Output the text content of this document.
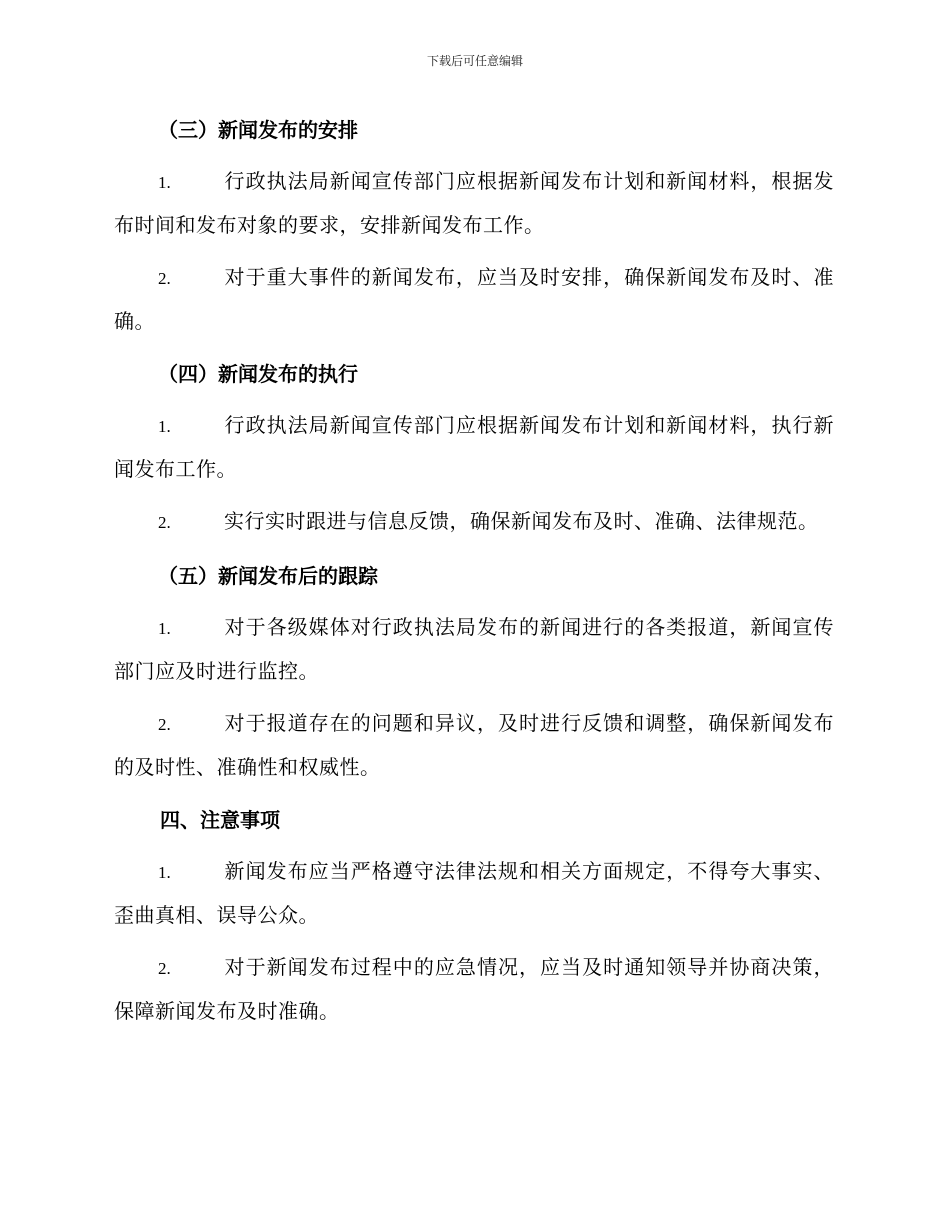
下载后可任意编辑
（三）新闻发布的安排

1.	行政执法局新闻宣传部门应根据新闻发布计划和新闻材料，根据发布时间和发布对象的要求，安排新闻发布工作。

2.	对于重大事件的新闻发布，应当及时安排，确保新闻发布及时、准确。

（四）新闻发布的执行

1.	行政执法局新闻宣传部门应根据新闻发布计划和新闻材料，执行新闻发布工作。

2.	实行实时跟进与信息反馈，确保新闻发布及时、准确、法律规范。

（五）新闻发布后的跟踪

1.	对于各级媒体对行政执法局发布的新闻进行的各类报道，新闻宣传部门应及时进行监控。

2.	对于报道存在的问题和异议，及时进行反馈和调整，确保新闻发布的及时性、准确性和权威性。

四、注意事项

1.	新闻发布应当严格遵守法律法规和相关方面规定，不得夸大事实、歪曲真相、误导公众。

2.	对于新闻发布过程中的应急情况，应当及时通知领导并协商决策，保障新闻发布及时准确。
